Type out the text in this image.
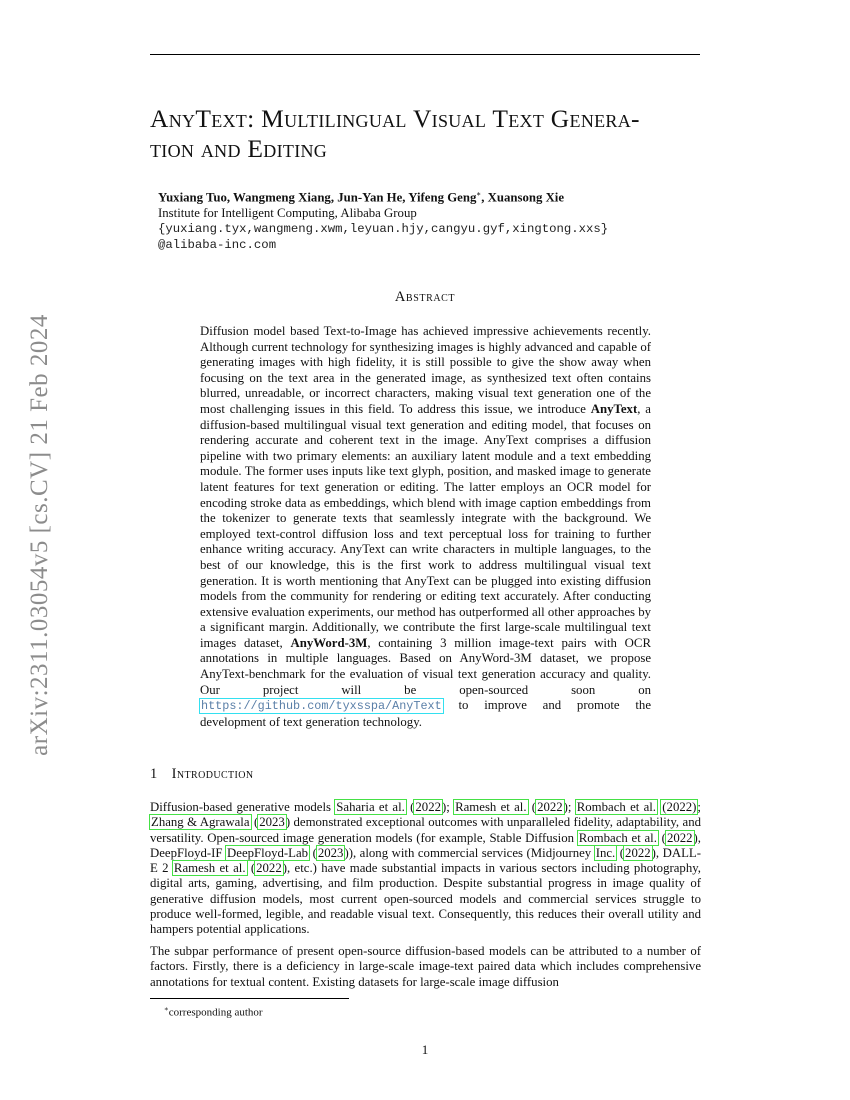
arXiv:2311.03054v5 [cs.CV] 21 Feb 2024
AnyText: Multilingual Visual Text Genera-
tion and Editing
Yuxiang Tuo, Wangmeng Xiang, Jun-Yan He, Yifeng Geng∗, Xuansong Xie
Institute for Intelligent Computing, Alibaba Group
{yuxiang.tyx,wangmeng.xwm,leyuan.hjy,cangyu.gyf,xingtong.xxs}
@alibaba-inc.com
Abstract

Diffusion model based Text-to-Image has achieved impressive achievements recently. Although current technology for synthesizing images is highly advanced and capable of generating images with high fidelity, it is still possible to give the show away when focusing on the text area in the generated image, as synthesized text often contains blurred, unreadable, or incorrect characters, making visual text generation one of the most challenging issues in this field. To address this issue, we introduce AnyText, a diffusion-based multilingual visual text generation and editing model, that focuses on rendering accurate and coherent text in the image. AnyText comprises a diffusion pipeline with two primary elements: an auxiliary latent module and a text embedding module. The former uses inputs like text glyph, position, and masked image to generate latent features for text generation or editing. The latter employs an OCR model for encoding stroke data as embeddings, which blend with image caption embeddings from the tokenizer to generate texts that seamlessly integrate with the background. We employed text-control diffusion loss and text perceptual loss for training to further enhance writing accuracy. AnyText can write characters in multiple languages, to the best of our knowledge, this is the first work to address multilingual visual text generation. It is worth mentioning that AnyText can be plugged into existing diffusion models from the community for rendering or editing text accurately. After conducting extensive evaluation experiments, our method has outperformed all other approaches by a significant margin. Additionally, we contribute the first large-scale multilingual text images dataset, AnyWord-3M, containing 3 million image-text pairs with OCR annotations in multiple languages. Based on AnyWord-3M dataset, we propose AnyText-benchmark for the evaluation of visual text generation accuracy and quality. Our project will be open-sourced soon on https://github.com/tyxsspa/AnyText to improve and promote the development of text generation technology.

1 Introduction

Diffusion-based generative models Saharia et al. (2022); Ramesh et al. (2022); Rombach et al. (2022); Zhang & Agrawala (2023) demonstrated exceptional outcomes with unparalleled fidelity, adaptability, and versatility. Open-sourced image generation models (for example, Stable Diffusion Rombach et al. (2022), DeepFloyd-IF DeepFloyd-Lab (2023)), along with commercial services (Midjourney Inc. (2022), DALL-E 2 Ramesh et al. (2022), etc.) have made substantial impacts in various sectors including photography, digital arts, gaming, advertising, and film production. Despite substantial progress in image quality of generative diffusion models, most current open-sourced models and commercial services struggle to produce well-formed, legible, and readable visual text. Consequently, this reduces their overall utility and hampers potential applications.

The subpar performance of present open-source diffusion-based models can be attributed to a number of factors. Firstly, there is a deficiency in large-scale image-text paired data which includes comprehensive annotations for textual content. Existing datasets for large-scale image diffusion

∗corresponding author
1
